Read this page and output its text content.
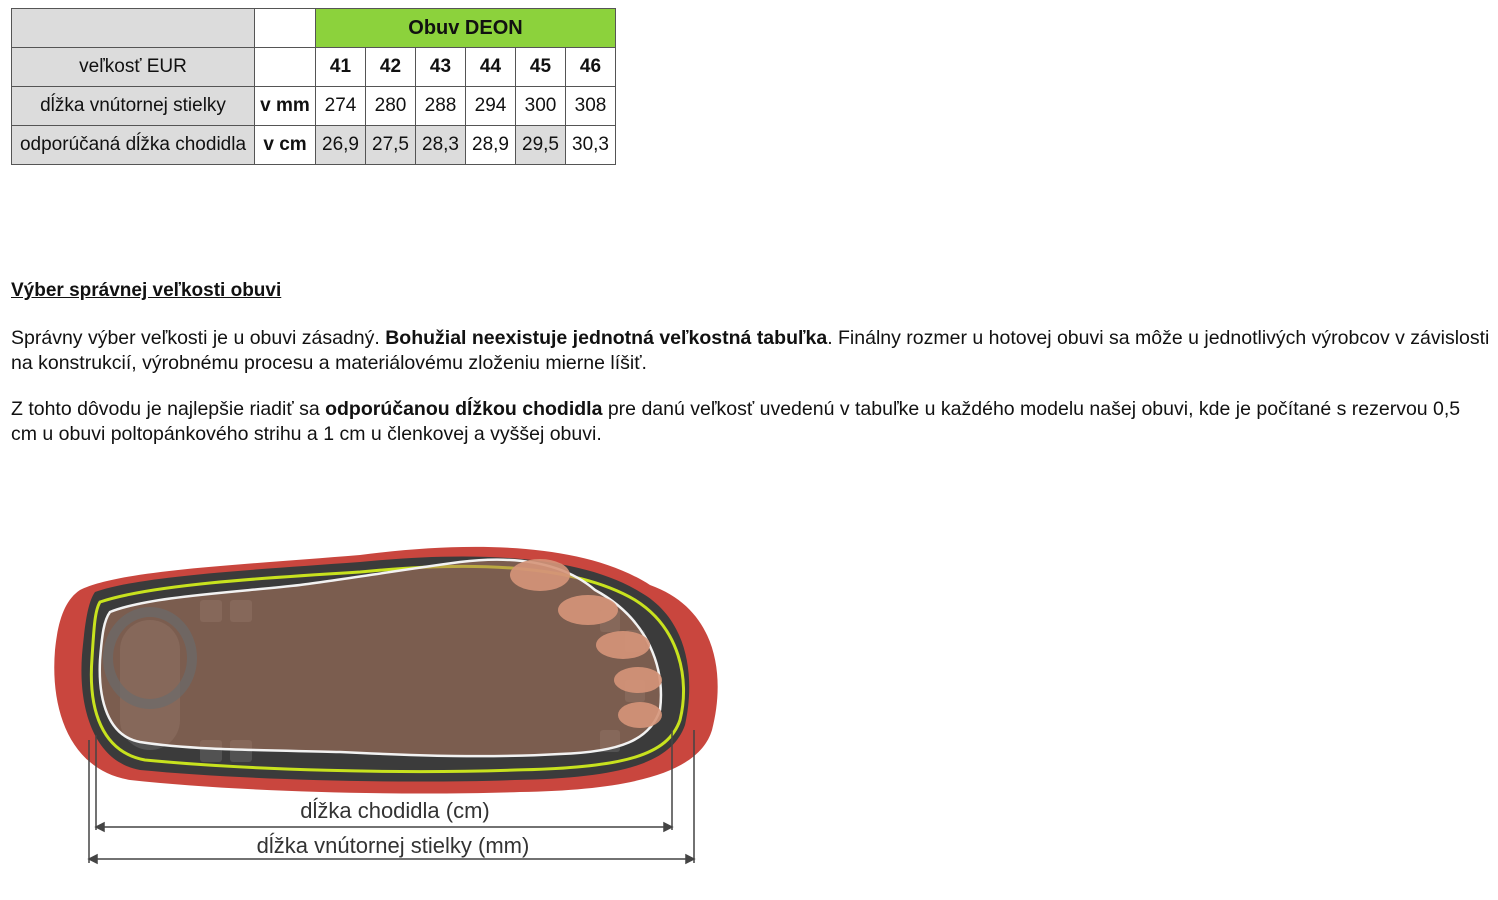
		Obuv DEON					
veľkosť EUR		41	42	43	44	45	46
dĺžka vnútornej stielky	v mm	274	280	288	294	300	308
odporúčaná dĺžka chodidla	v cm	26,9	27,5	28,3	28,9	29,5	30,3

Výber správnej veľkosti obuvi

Správny výber veľkosti je u obuvi zásadný. Bohužial neexistuje jednotná veľkostná tabuľka. Finálny rozmer u hotovej obuvi sa môže u jednotlivých výrobcov v závislosti na konstrukcií, výrobnému procesu a materiálovému zloženiu mierne líšiť.

Z tohto dôvodu je najlepšie riadiť sa odporúčanou dĺžkou chodidla pre danú veľkosť uvedenú v tabuľke u každého modelu našej obuvi, kde je počítané s rezervou 0,5 cm u obuvi poltopánkového strihu a 1 cm u členkovej a vyššej obuvi.

dĺžka chodidla (cm)
dĺžka vnútornej stielky (mm)
